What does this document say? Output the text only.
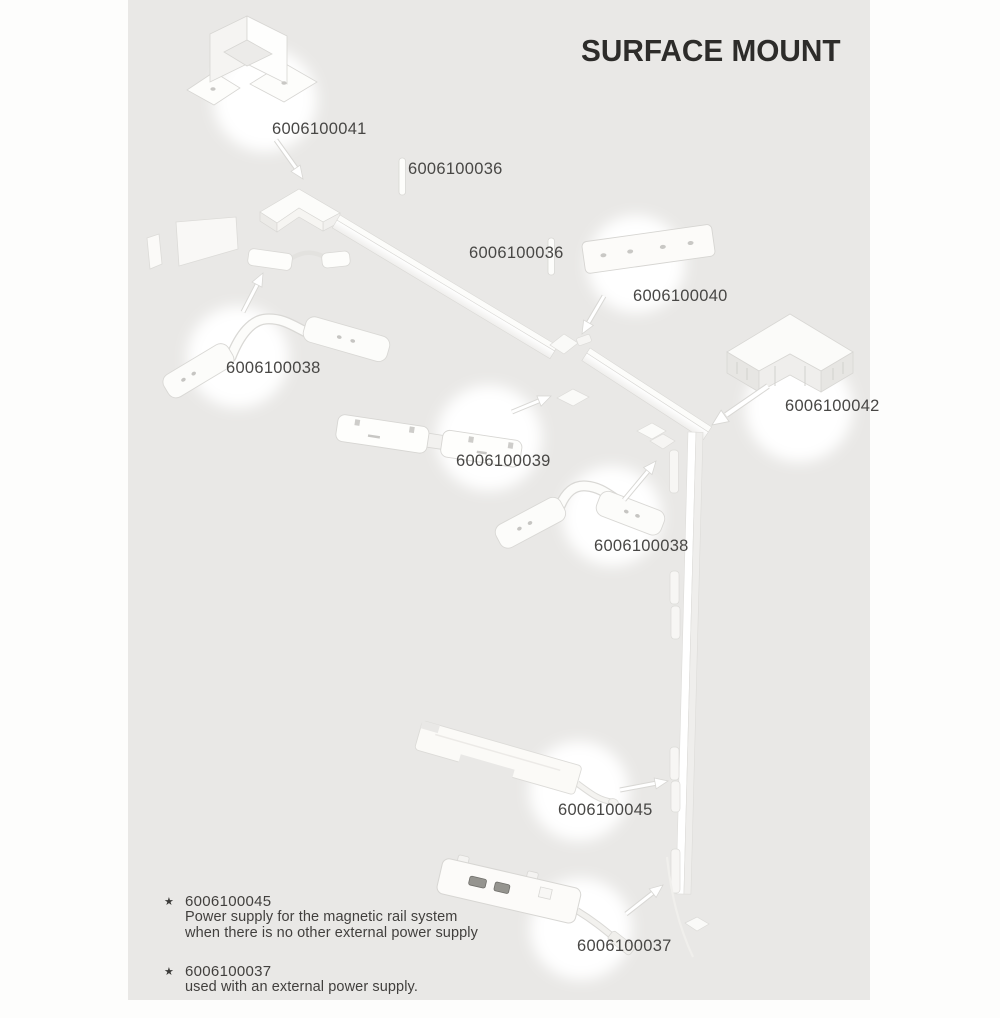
SURFACE MOUNT
6006100041
6006100036
6006100036
6006100040
6006100038
6006100042
6006100039
6006100038
6006100045
6006100037
★ 6006100045
Power supply for the magnetic rail system
when there is no other external power supply
★ 6006100037
used with an external power supply.
